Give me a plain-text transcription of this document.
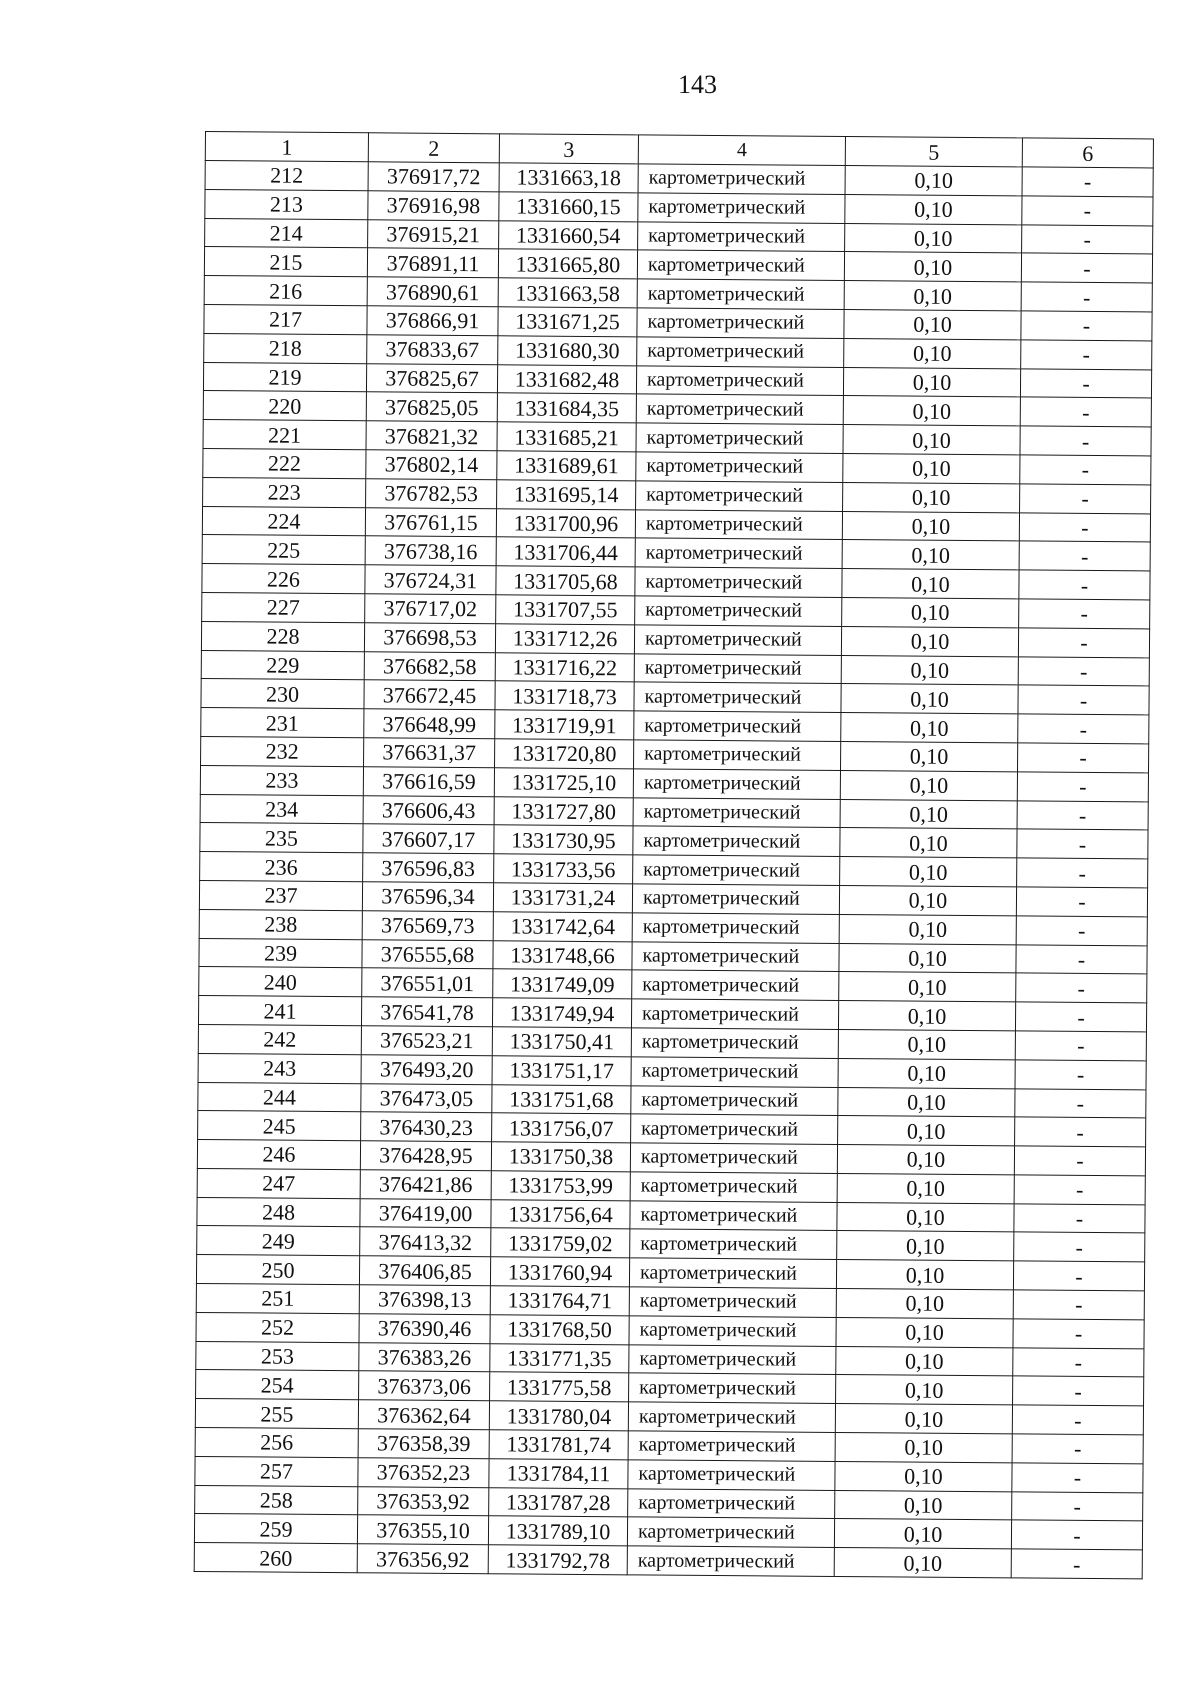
143
1	2	3	4	5	6
212	376917,72	1331663,18	картометрический	0,10	-
213	376916,98	1331660,15	картометрический	0,10	-
214	376915,21	1331660,54	картометрический	0,10	-
215	376891,11	1331665,80	картометрический	0,10	-
216	376890,61	1331663,58	картометрический	0,10	-
217	376866,91	1331671,25	картометрический	0,10	-
218	376833,67	1331680,30	картометрический	0,10	-
219	376825,67	1331682,48	картометрический	0,10	-
220	376825,05	1331684,35	картометрический	0,10	-
221	376821,32	1331685,21	картометрический	0,10	-
222	376802,14	1331689,61	картометрический	0,10	-
223	376782,53	1331695,14	картометрический	0,10	-
224	376761,15	1331700,96	картометрический	0,10	-
225	376738,16	1331706,44	картометрический	0,10	-
226	376724,31	1331705,68	картометрический	0,10	-
227	376717,02	1331707,55	картометрический	0,10	-
228	376698,53	1331712,26	картометрический	0,10	-
229	376682,58	1331716,22	картометрический	0,10	-
230	376672,45	1331718,73	картометрический	0,10	-
231	376648,99	1331719,91	картометрический	0,10	-
232	376631,37	1331720,80	картометрический	0,10	-
233	376616,59	1331725,10	картометрический	0,10	-
234	376606,43	1331727,80	картометрический	0,10	-
235	376607,17	1331730,95	картометрический	0,10	-
236	376596,83	1331733,56	картометрический	0,10	-
237	376596,34	1331731,24	картометрический	0,10	-
238	376569,73	1331742,64	картометрический	0,10	-
239	376555,68	1331748,66	картометрический	0,10	-
240	376551,01	1331749,09	картометрический	0,10	-
241	376541,78	1331749,94	картометрический	0,10	-
242	376523,21	1331750,41	картометрический	0,10	-
243	376493,20	1331751,17	картометрический	0,10	-
244	376473,05	1331751,68	картометрический	0,10	-
245	376430,23	1331756,07	картометрический	0,10	-
246	376428,95	1331750,38	картометрический	0,10	-
247	376421,86	1331753,99	картометрический	0,10	-
248	376419,00	1331756,64	картометрический	0,10	-
249	376413,32	1331759,02	картометрический	0,10	-
250	376406,85	1331760,94	картометрический	0,10	-
251	376398,13	1331764,71	картометрический	0,10	-
252	376390,46	1331768,50	картометрический	0,10	-
253	376383,26	1331771,35	картометрический	0,10	-
254	376373,06	1331775,58	картометрический	0,10	-
255	376362,64	1331780,04	картометрический	0,10	-
256	376358,39	1331781,74	картометрический	0,10	-
257	376352,23	1331784,11	картометрический	0,10	-
258	376353,92	1331787,28	картометрический	0,10	-
259	376355,10	1331789,10	картометрический	0,10	-
260	376356,92	1331792,78	картометрический	0,10	-
